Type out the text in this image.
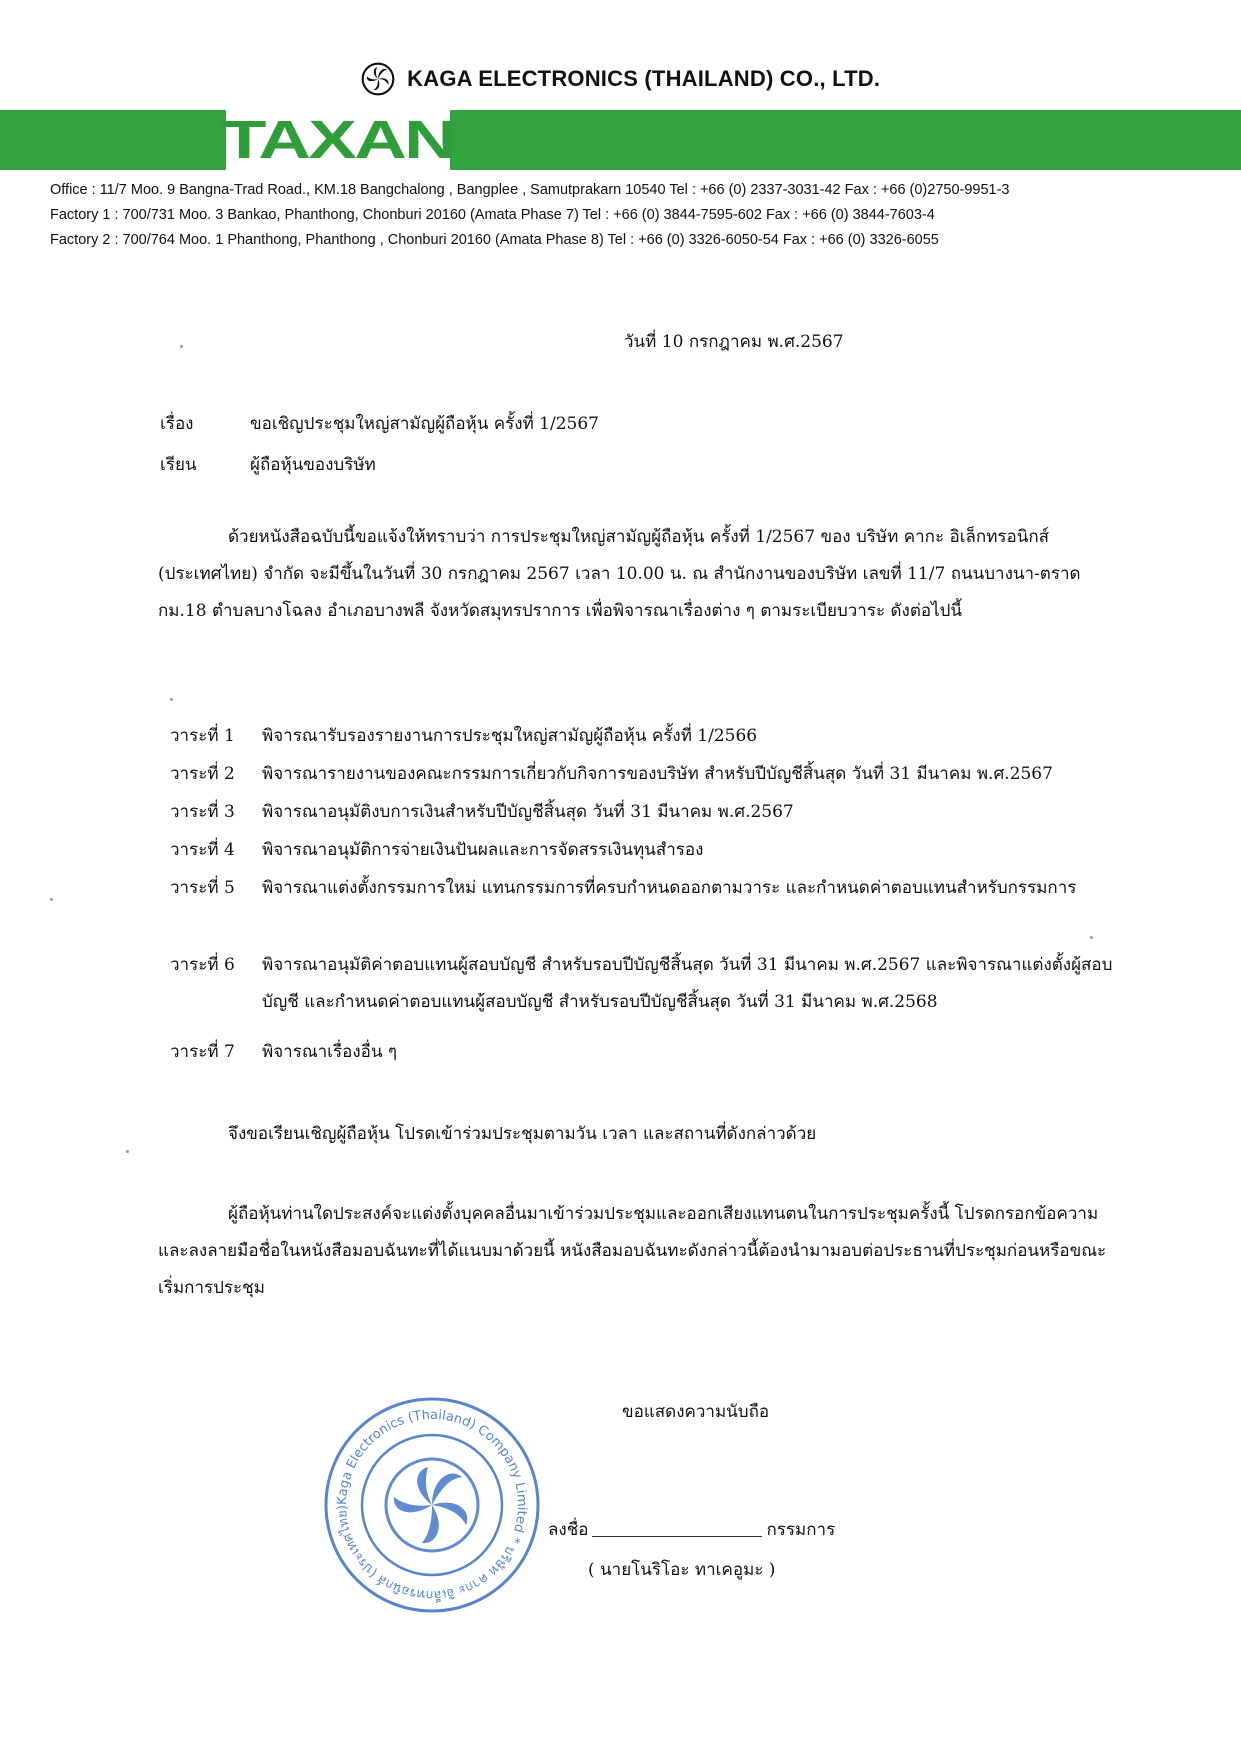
KAGA ELECTRONICS (THAILAND) CO., LTD.
TAXAN
Office : 11/7 Moo. 9 Bangna-Trad Road., KM.18 Bangchalong , Bangplee , Samutprakarn 10540 Tel : +66 (0) 2337-3031-42 Fax : +66 (0)2750-9951-3
Factory 1 : 700/731 Moo. 3 Bankao, Phanthong, Chonburi 20160 (Amata Phase 7) Tel : +66 (0) 3844-7595-602 Fax : +66 (0) 3844-7603-4
Factory 2 : 700/764 Moo. 1 Phanthong, Phanthong , Chonburi 20160 (Amata Phase 8) Tel : +66 (0) 3326-6050-54 Fax : +66 (0) 3326-6055
วันที่ 10 กรกฎาคม พ.ศ.2567
เรื่อง	ขอเชิญประชุมใหญ่สามัญผู้ถือหุ้น ครั้งที่ 1/2567
เรียน	ผู้ถือหุ้นของบริษัท
ด้วยหนังสือฉบับนี้ขอแจ้งให้ทราบว่า การประชุมใหญ่สามัญผู้ถือหุ้น ครั้งที่ 1/2567 ของ บริษัท คากะ อิเล็กทรอนิกส์ (ประเทศไทย) จำกัด จะมีขึ้นในวันที่ 30 กรกฎาคม 2567 เวลา 10.00 น. ณ สำนักงานของบริษัท เลขที่ 11/7 ถนนบางนา-ตราด กม.18 ตำบลบางโฉลง อำเภอบางพลี จังหวัดสมุทรปราการ เพื่อพิจารณาเรื่องต่าง ๆ ตามระเบียบวาระ ดังต่อไปนี้
วาระที่ 1	พิจารณารับรองรายงานการประชุมใหญ่สามัญผู้ถือหุ้น ครั้งที่ 1/2566
วาระที่ 2	พิจารณารายงานของคณะกรรมการเกี่ยวกับกิจการของบริษัท สำหรับปีบัญชีสิ้นสุด วันที่ 31 มีนาคม พ.ศ.2567
วาระที่ 3	พิจารณาอนุมัติงบการเงินสำหรับปีบัญชีสิ้นสุด วันที่ 31 มีนาคม พ.ศ.2567
วาระที่ 4	พิจารณาอนุมัติการจ่ายเงินปันผลและการจัดสรรเงินทุนสำรอง
วาระที่ 5	พิจารณาแต่งตั้งกรรมการใหม่ แทนกรรมการที่ครบกำหนดออกตามวาระ และกำหนดค่าตอบแทนสำหรับกรรมการ
วาระที่ 6	พิจารณาอนุมัติค่าตอบแทนผู้สอบบัญชี สำหรับรอบปีบัญชีสิ้นสุด วันที่ 31 มีนาคม พ.ศ.2567 และพิจารณาแต่งตั้งผู้สอบบัญชี และกำหนดค่าตอบแทนผู้สอบบัญชี สำหรับรอบปีบัญชีสิ้นสุด วันที่ 31 มีนาคม พ.ศ.2568
วาระที่ 7	พิจารณาเรื่องอื่น ๆ
จึงขอเรียนเชิญผู้ถือหุ้น โปรดเข้าร่วมประชุมตามวัน เวลา และสถานที่ดังกล่าวด้วย
ผู้ถือหุ้นท่านใดประสงค์จะแต่งตั้งบุคคลอื่นมาเข้าร่วมประชุมและออกเสียงแทนตนในการประชุมครั้งนี้ โปรดกรอกข้อความและลงลายมือชื่อในหนังสือมอบฉันทะที่ได้แนบมาด้วยนี้ หนังสือมอบฉันทะดังกล่าวนี้ต้องนำมามอบต่อประธานที่ประชุมก่อนหรือขณะเริ่มการประชุม
ขอแสดงความนับถือ
ลงชื่อ	กรรมการ
( นายโนริโอะ ทาเคอูมะ )
Kaga Electronics (Thailand) Company Limited * บริษัท คากะ อิเล็กทรอนิกส์ (ประเทศไทย)
